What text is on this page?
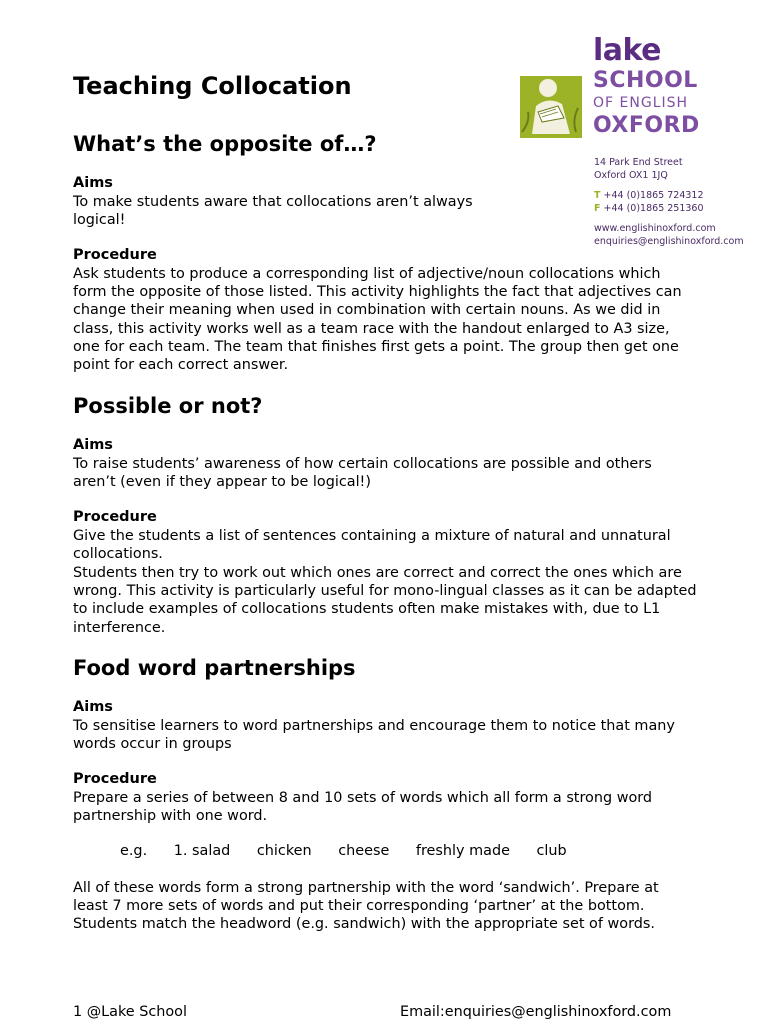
Teaching Collocation

lake

SCHOOL

OF ENGLISH

OXFORD

14 Park End Street

Oxford OX1 1JQ

T +44 (0)1865 724312

F +44 (0)1865 251360

www.englishinoxford.com

enquiries@englishinoxford.com

What’s the opposite of…?

Aims

To make students aware that collocations aren’t always logical!

Procedure

Ask students to produce a corresponding list of adjective/noun collocations which form the opposite of those listed. This activity highlights the fact that adjectives can change their meaning when used in combination with certain nouns. As we did in class, this activity works well as a team race with the handout enlarged to A3 size, one for each team. The team that finishes first gets a point. The group then get one point for each correct answer.

Possible or not?

Aims

To raise students’ awareness of how certain collocations are possible and others aren’t (even if they appear to be logical!)

Procedure

Give the students a list of sentences containing a mixture of natural and unnatural collocations.

Students then try to work out which ones are correct and correct the ones which are wrong. This activity is particularly useful for mono-lingual classes as it can be adapted to include examples of collocations students often make mistakes with, due to L1 interference.

Food word partnerships

Aims

To sensitise learners to word partnerships and encourage them to notice that many words occur in groups

Procedure

Prepare a series of between 8 and 10 sets of words which all form a strong word partnership with one word.

e.g. 1. salad chicken cheese freshly made club

All of these words form a strong partnership with the word ‘sandwich’. Prepare at least 7 more sets of words and put their corresponding ‘partner’ at the bottom. Students match the headword (e.g. sandwich) with the appropriate set of words.

1 @Lake School	Email:enquiries@englishinoxford.com
